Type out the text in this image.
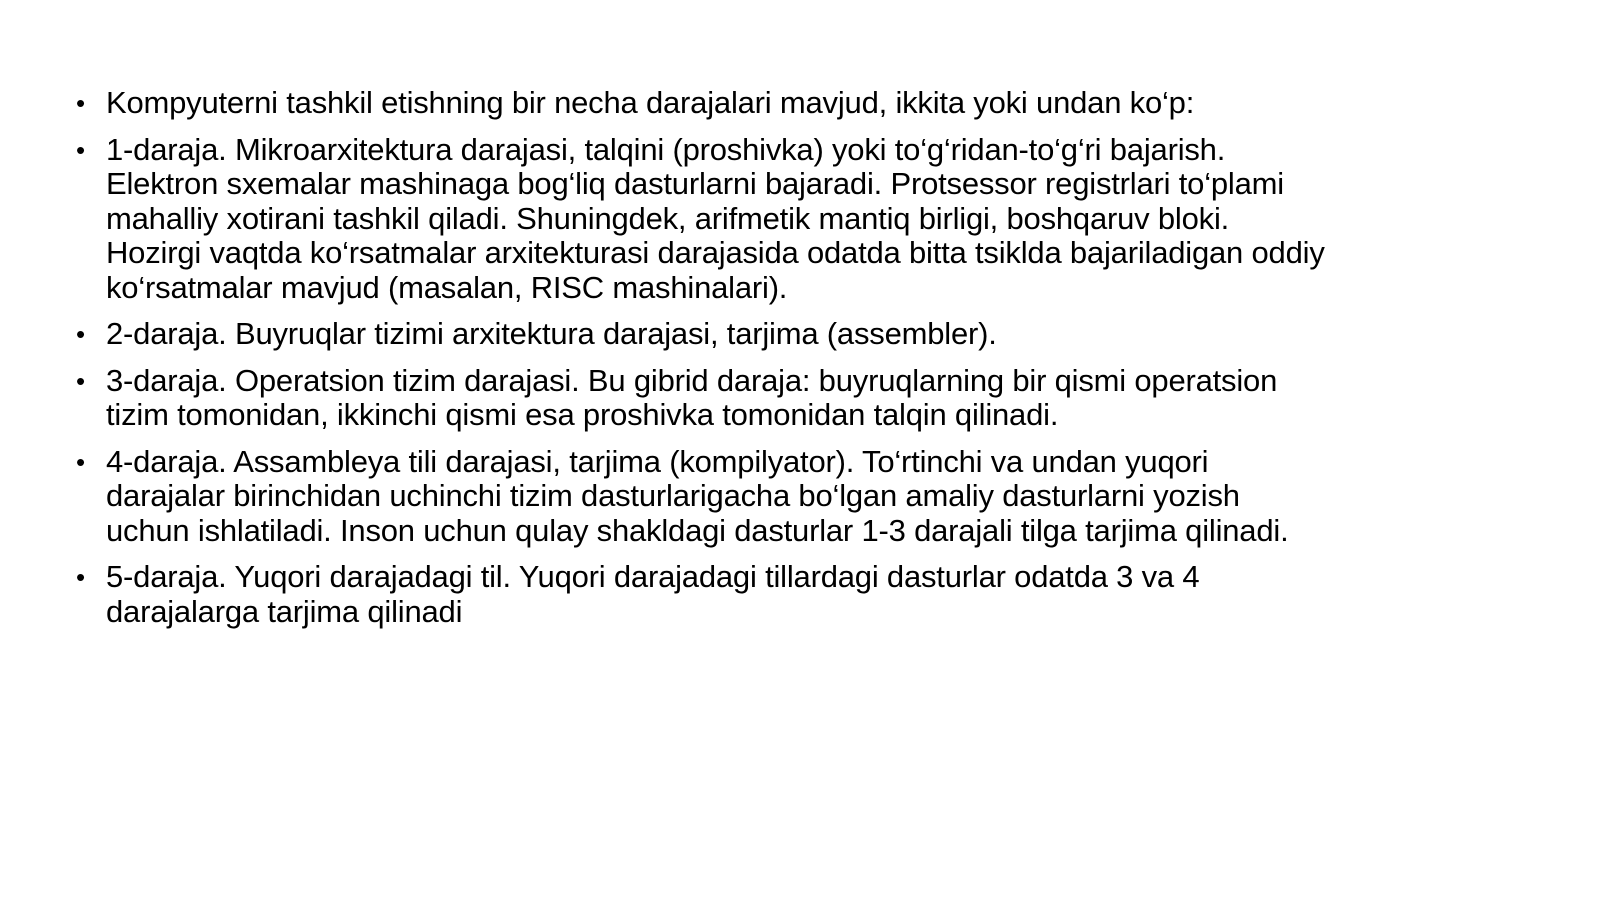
• Kompyuterni tashkil etishning bir necha darajalari mavjud, ikkita yoki undan ko‘p:
• 1-daraja. Mikroarxitektura darajasi, talqini (proshivka) yoki to‘g‘ridan-to‘g‘ri bajarish. Elektron sxemalar mashinaga bog‘liq dasturlarni bajaradi. Protsessor registrlari to‘plami mahalliy xotirani tashkil qiladi. Shuningdek, arifmetik mantiq birligi, boshqaruv bloki. Hozirgi vaqtda ko‘rsatmalar arxitekturasi darajasida odatda bitta tsiklda bajariladigan oddiy ko‘rsatmalar mavjud (masalan, RISC mashinalari).
• 2-daraja. Buyruqlar tizimi arxitektura darajasi, tarjima (assembler).
• 3-daraja. Operatsion tizim darajasi. Bu gibrid daraja: buyruqlarning bir qismi operatsion tizim tomonidan, ikkinchi qismi esa proshivka tomonidan talqin qilinadi.
• 4-daraja. Assambleya tili darajasi, tarjima (kompilyator). To‘rtinchi va undan yuqori darajalar birinchidan uchinchi tizim dasturlarigacha bo‘lgan amaliy dasturlarni yozish uchun ishlatiladi. Inson uchun qulay shakldagi dasturlar 1-3 darajali tilga tarjima qilinadi.
• 5-daraja. Yuqori darajadagi til. Yuqori darajadagi tillardagi dasturlar odatda 3 va 4 darajalarga tarjima qilinadi
